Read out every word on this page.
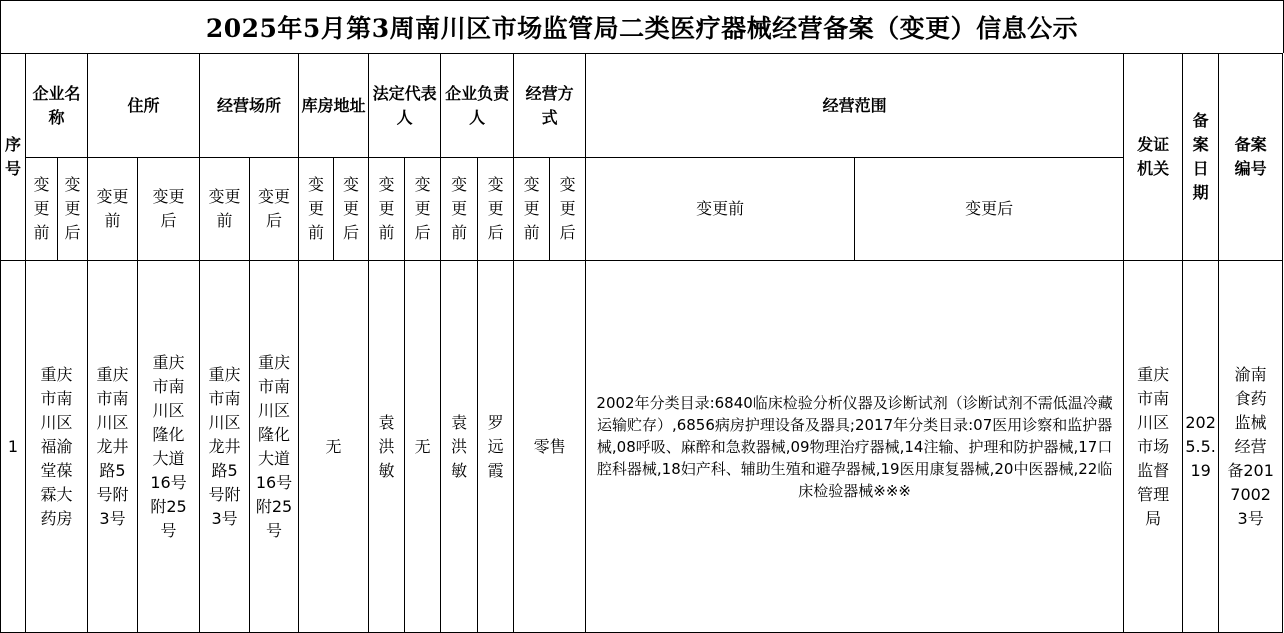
2025年5月第3周南川区市场监管局二类医疗器械经营备案（变更）信息公示
序号	企业名称		住所		经营场所		库房地址		法定代表人		企业负责人		经营方式		经营范围		发证机关	备案日期	备案编号
	变更前	变更后	变更前	变更后	变更前	变更后	变更前	变更后	变更前	变更后	变更前	变更后	变更前	变更后	变更前	变更后			
1	重庆市南川区福渝堂葆霖大药房		重庆市南川区龙井路5号附3号	重庆市南川区隆化大道16号附25号	重庆市南川区龙井路5号附3号	重庆市南川区隆化大道16号附25号	无		袁洪敏	无	袁洪敏	罗远霞	零售		2002年分类目录:6840临床检验分析仪器及诊断试剂（诊断试剂不需低温冷藏运输贮存）,6856病房护理设备及器具;2017年分类目录:07医用诊察和监护器械,08呼吸、麻醉和急救器械,09物理治疗器械,14注输、护理和防护器械,17口腔科器械,18妇产科、辅助生殖和避孕器械,19医用康复器械,20中医器械,22临床检验器械※※※		重庆市南川区市场监督管理局	2025.5.19	渝南食药监械经营备20170023号
